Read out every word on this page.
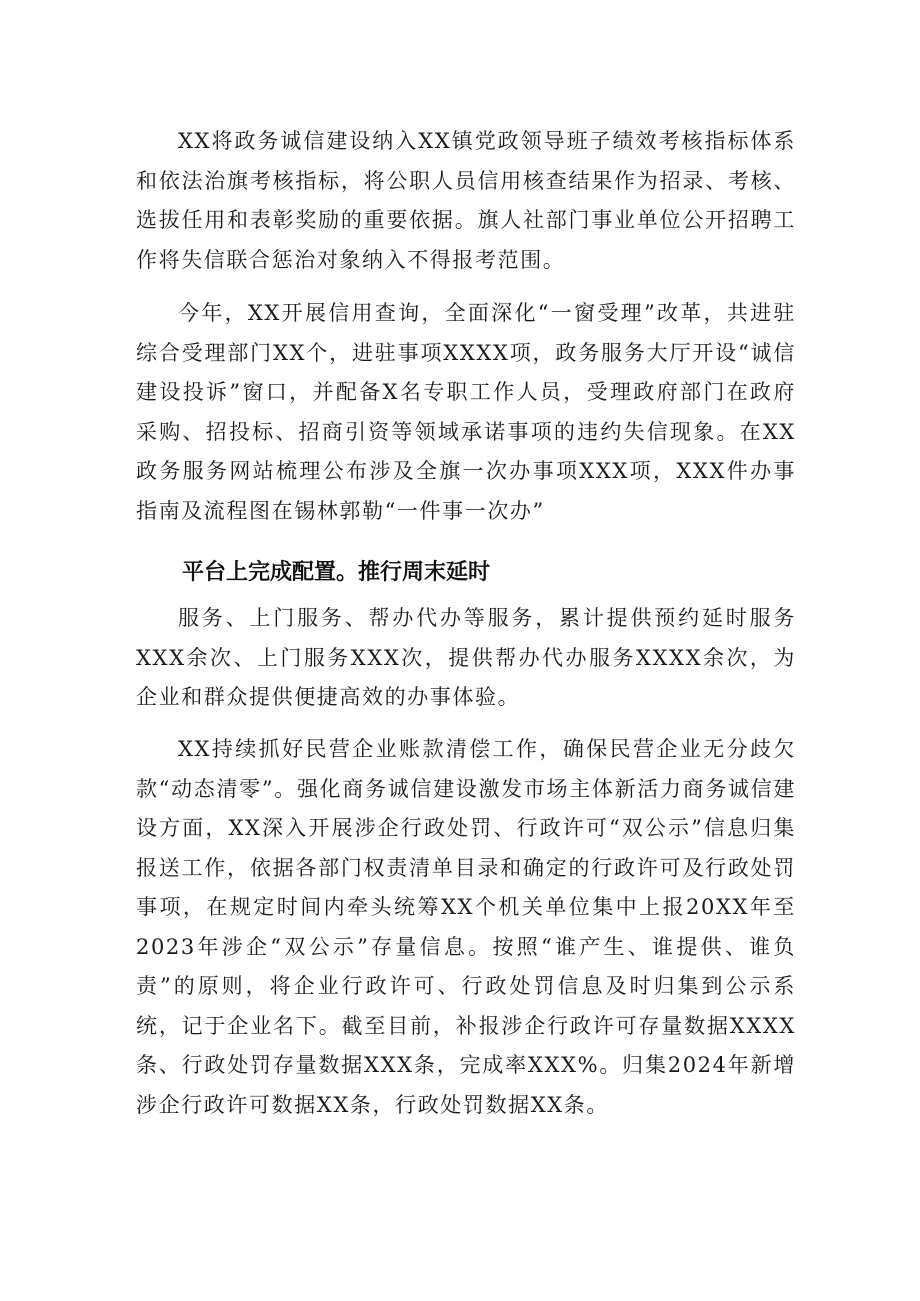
XX将政务诚信建设纳入XX镇党政领导班子绩效考核指标体系和依法治旗考核指标，将公职人员信用核查结果作为招录、考核、选拔任用和表彰奖励的重要依据。旗人社部门事业单位公开招聘工作将失信联合惩治对象纳入不得报考范围。

今年，XX开展信用查询，全面深化“一窗受理”改革，共进驻综合受理部门XX个，进驻事项XXXX项，政务服务大厅开设“诚信建设投诉”窗口，并配备X名专职工作人员，受理政府部门在政府采购、招投标、招商引资等领域承诺事项的违约失信现象。在XX政务服务网站梳理公布涉及全旗一次办事项XXX项，XXX件办事指南及流程图在锡林郭勒“一件事一次办”

平台上完成配置。推行周末延时

服务、上门服务、帮办代办等服务，累计提供预约延时服务XXX余次、上门服务XXX次，提供帮办代办服务XXXX余次，为企业和群众提供便捷高效的办事体验。

XX持续抓好民营企业账款清偿工作，确保民营企业无分歧欠款“动态清零”。强化商务诚信建设激发市场主体新活力商务诚信建设方面，XX深入开展涉企行政处罚、行政许可“双公示”信息归集报送工作，依据各部门权责清单目录和确定的行政许可及行政处罚事项，在规定时间内牵头统筹XX个机关单位集中上报20XX年至2023年涉企“双公示”存量信息。按照“谁产生、谁提供、谁负责”的原则，将企业行政许可、行政处罚信息及时归集到公示系统，记于企业名下。截至目前，补报涉企行政许可存量数据XXXX条、行政处罚存量数据XXX条，完成率XXX%。归集2024年新增涉企行政许可数据XX条，行政处罚数据XX条。
